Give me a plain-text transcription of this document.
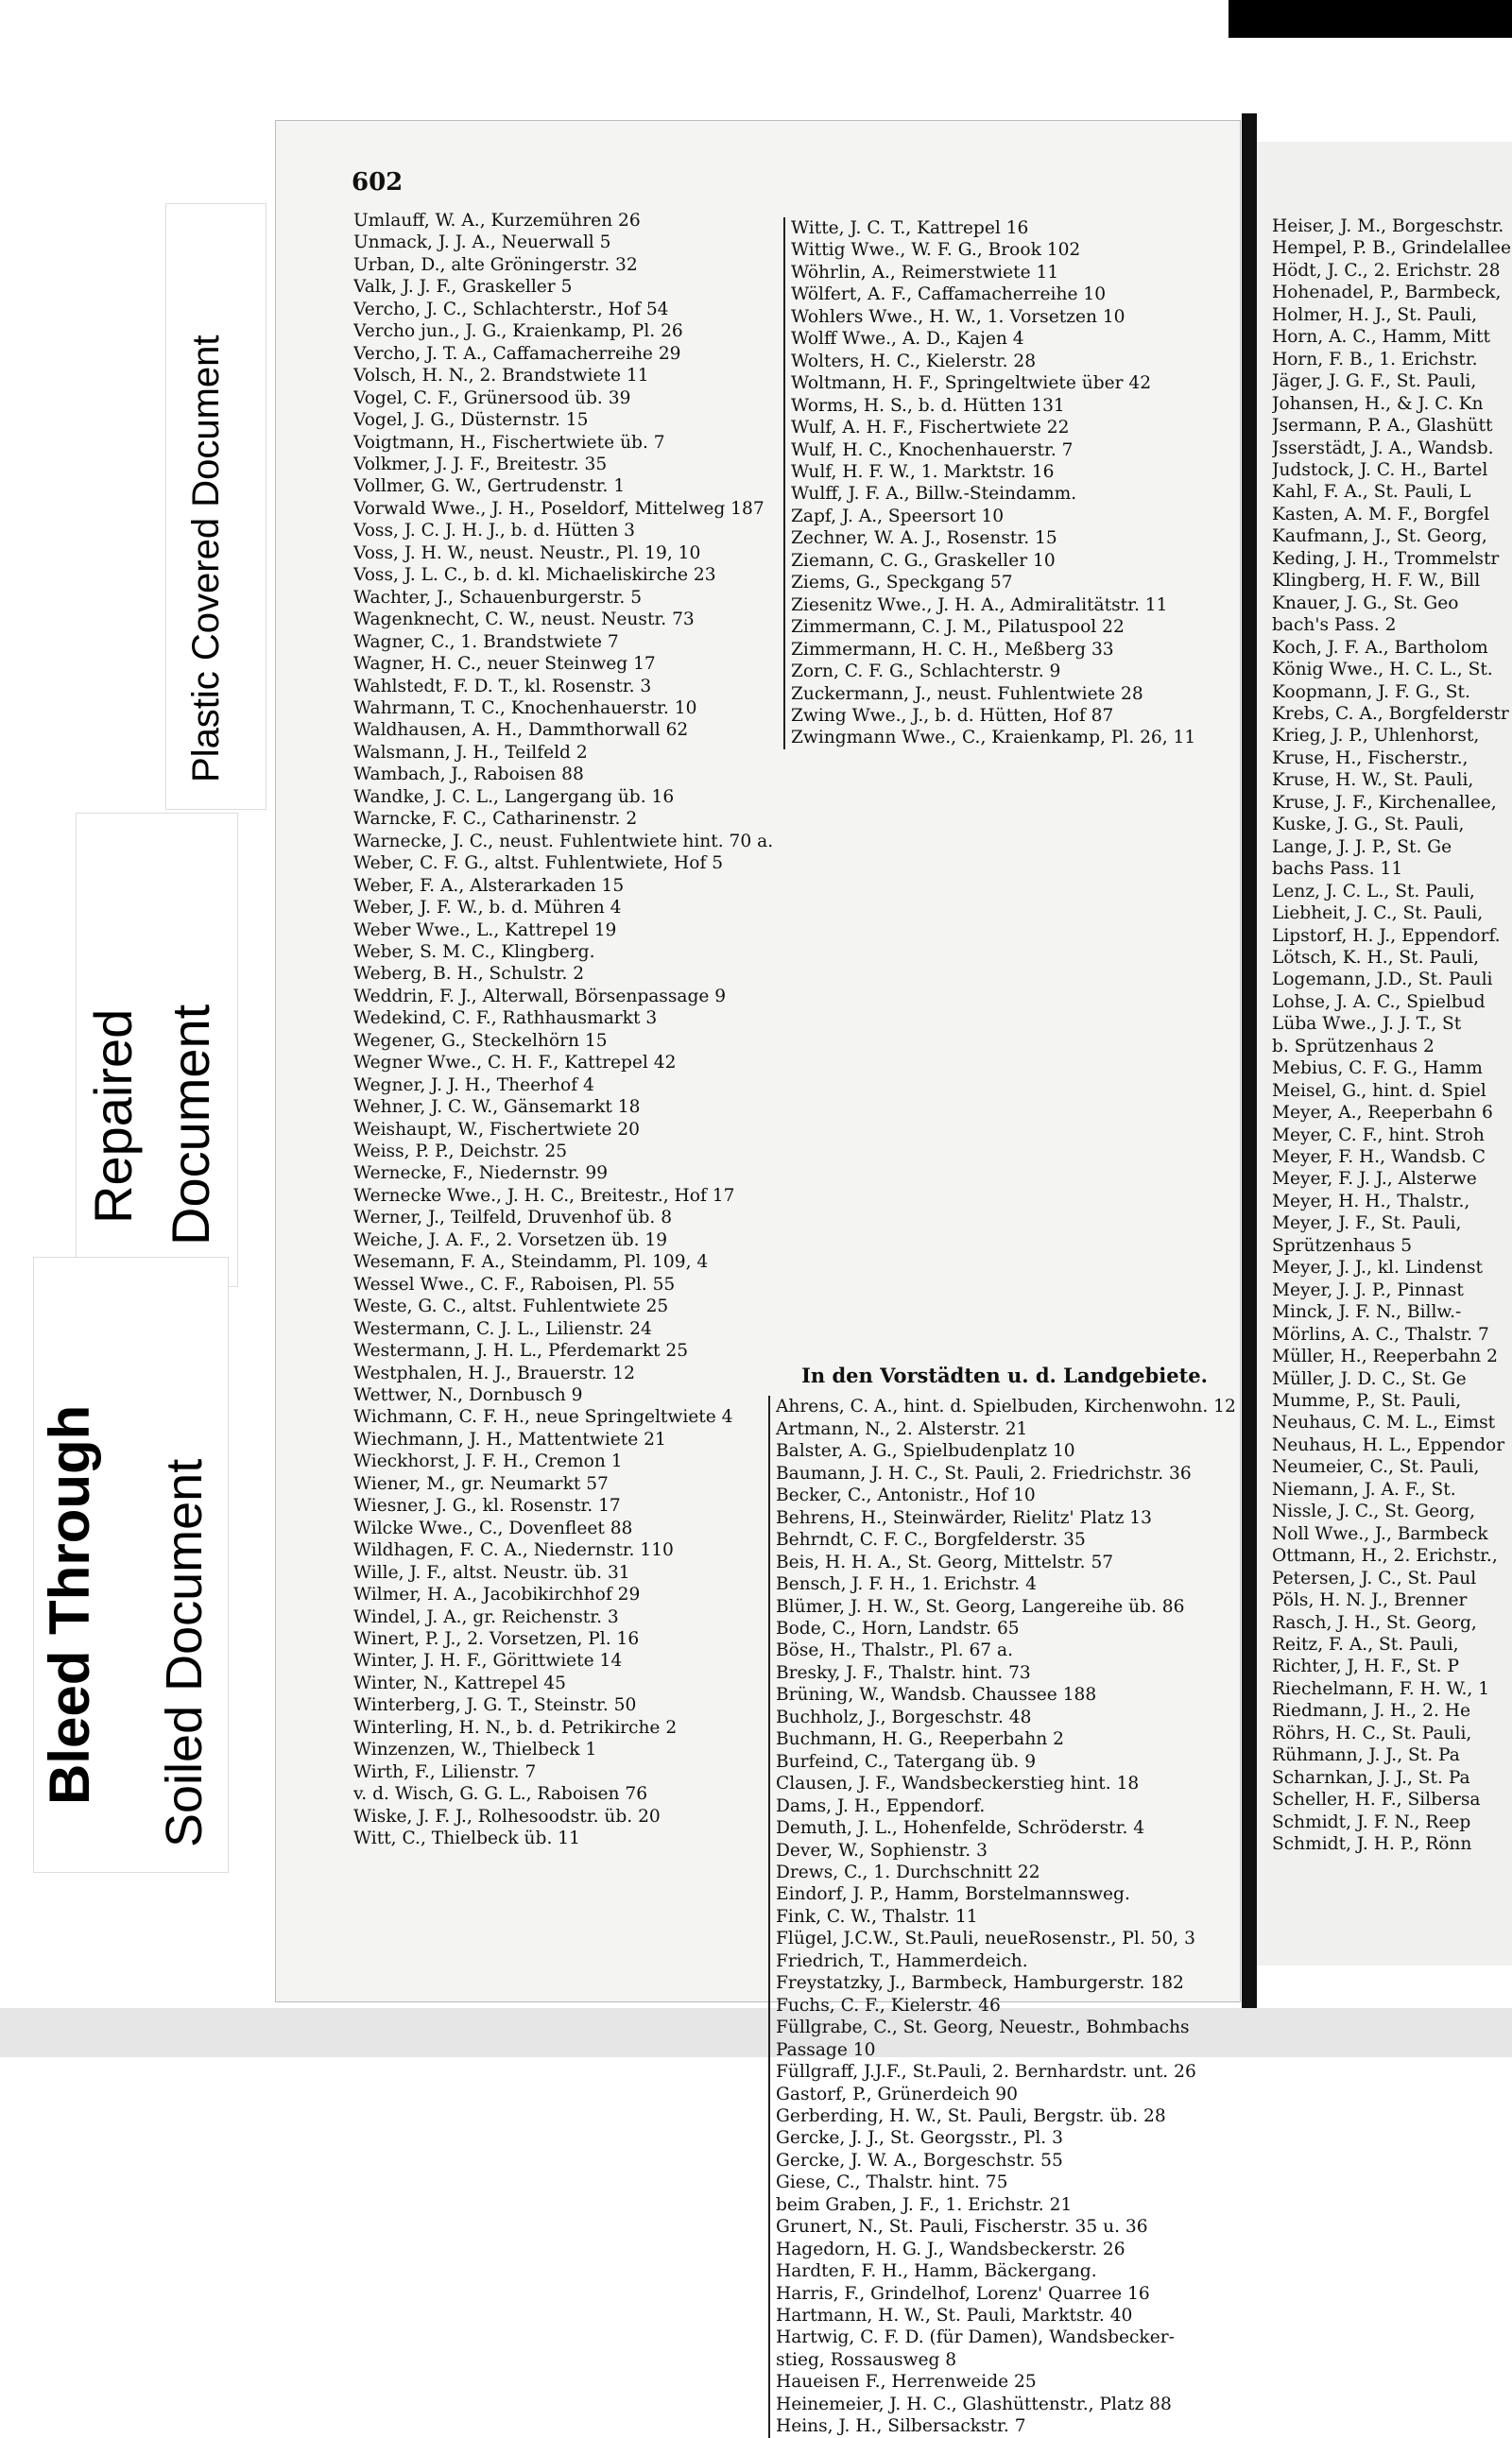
Plastic Covered Document
Repaired Document
Bleed Through Soiled Document
602
Umlauff, W. A., Kurzemühren 26
Unmack, J. J. A., Neuerwall 5
Urban, D., alte Gröningerstr. 32
Valk, J. J. F., Graskeller 5
Vercho, J. C., Schlachterstr., Hof 54
Vercho jun., J. G., Kraienkamp, Pl. 26
Vercho, J. T. A., Caffamacherreihe 29
Volsch, H. N., 2. Brandstwiete 11
Vogel, C. F., Grünersood üb. 39
Vogel, J. G., Düsternstr. 15
Voigtmann, H., Fischertwiete üb. 7
Volkmer, J. J. F., Breitestr. 35
Vollmer, G. W., Gertrudenstr. 1
Vorwald Wwe., J. H., Poseldorf, Mittelweg 187
Voss, J. C. J. H. J., b. d. Hütten 3
Voss, J. H. W., neust. Neustr., Pl. 19, 10
Voss, J. L. C., b. d. kl. Michaeliskirche 23
Wachter, J., Schauenburgerstr. 5
Wagenknecht, C. W., neust. Neustr. 73
Wagner, C., 1. Brandstwiete 7
Wagner, H. C., neuer Steinweg 17
Wahlstedt, F. D. T., kl. Rosenstr. 3
Wahrmann, T. C., Knochenhauerstr. 10
Waldhausen, A. H., Dammthorwall 62
Walsmann, J. H., Teilfeld 2
Wambach, J., Raboisen 88
Wandke, J. C. L., Langergang üb. 16
Warncke, F. C., Catharinenstr. 2
Warnecke, J. C., neust. Fuhlentwiete hint. 70 a.
Weber, C. F. G., altst. Fuhlentwiete, Hof 5
Weber, F. A., Alsterarkaden 15
Weber, J. F. W., b. d. Mühren 4
Weber Wwe., L., Kattrepel 19
Weber, S. M. C., Klingberg.
Weberg, B. H., Schulstr. 2
Weddrin, F. J., Alterwall, Börsenpassage 9
Wedekind, C. F., Rathhausmarkt 3
Wegener, G., Steckelhörn 15
Wegner Wwe., C. H. F., Kattrepel 42
Wegner, J. J. H., Theerhof 4
Wehner, J. C. W., Gänsemarkt 18
Weishaupt, W., Fischertwiete 20
Weiss, P. P., Deichstr. 25
Wernecke, F., Niedernstr. 99
Wernecke Wwe., J. H. C., Breitestr., Hof 17
Werner, J., Teilfeld, Druvenhof üb. 8
Weiche, J. A. F., 2. Vorsetzen üb. 19
Wesemann, F. A., Steindamm, Pl. 109, 4
Wessel Wwe., C. F., Raboisen, Pl. 55
Weste, G. C., altst. Fuhlentwiete 25
Westermann, C. J. L., Lilienstr. 24
Westermann, J. H. L., Pferdemarkt 25
Westphalen, H. J., Brauerstr. 12
Wettwer, N., Dornbusch 9
Wichmann, C. F. H., neue Springeltwiete 4
Wiechmann, J. H., Mattentwiete 21
Wieckhorst, J. F. H., Cremon 1
Wiener, M., gr. Neumarkt 57
Wiesner, J. G., kl. Rosenstr. 17
Wilcke Wwe., C., Dovenfleet 88
Wildhagen, F. C. A., Niedernstr. 110
Wille, J. F., altst. Neustr. üb. 31
Wilmer, H. A., Jacobikirchhof 29
Windel, J. A., gr. Reichenstr. 3
Winert, P. J., 2. Vorsetzen, Pl. 16
Winter, J. H. F., Görittwiete 14
Winter, N., Kattrepel 45
Winterberg, J. G. T., Steinstr. 50
Winterling, H. N., b. d. Petrikirche 2
Winzenzen, W., Thielbeck 1
Wirth, F., Lilienstr. 7
v. d. Wisch, G. G. L., Raboisen 76
Wiske, J. F. J., Rolhesoodstr. üb. 20
Witt, C., Thielbeck üb. 11
Witte, J. C. T., Kattrepel 16
Wittig Wwe., W. F. G., Brook 102
Wöhrlin, A., Reimerstwiete 11
Wölfert, A. F., Caffamacherreihe 10
Wohlers Wwe., H. W., 1. Vorsetzen 10
Wolff Wwe., A. D., Kajen 4
Wolters, H. C., Kielerstr. 28
Woltmann, H. F., Springeltwiete über 42
Worms, H. S., b. d. Hütten 131
Wulf, A. H. F., Fischertwiete 22
Wulf, H. C., Knochenhauerstr. 7
Wulf, H. F. W., 1. Marktstr. 16
Wulff, J. F. A., Billw.-Steindamm.
Zapf, J. A., Speersort 10
Zechner, W. A. J., Rosenstr. 15
Ziemann, C. G., Graskeller 10
Ziems, G., Speckgang 57
Ziesenitz Wwe., J. H. A., Admiralitätstr. 11
Zimmermann, C. J. M., Pilatuspool 22
Zimmermann, H. C. H., Meßberg 33
Zorn, C. F. G., Schlachterstr. 9
Zuckermann, J., neust. Fuhlentwiete 28
Zwing Wwe., J., b. d. Hütten, Hof 87
Zwingmann Wwe., C., Kraienkamp, Pl. 26, 11
In den Vorstädten u. d. Landgebiete.
Ahrens, C. A., hint. d. Spielbuden, Kirchenwohn. 12
Artmann, N., 2. Alsterstr. 21
Balster, A. G., Spielbudenplatz 10
Baumann, J. H. C., St. Pauli, 2. Friedrichstr. 36
Becker, C., Antonistr., Hof 10
Behrens, H., Steinwärder, Rielitz' Platz 13
Behrndt, C. F. C., Borgfelderstr. 35
Beis, H. H. A., St. Georg, Mittelstr. 57
Bensch, J. F. H., 1. Erichstr. 4
Blümer, J. H. W., St. Georg, Langereihe üb. 86
Bode, C., Horn, Landstr. 65
Böse, H., Thalstr., Pl. 67 a.
Bresky, J. F., Thalstr. hint. 73
Brüning, W., Wandsb. Chaussee 188
Buchholz, J., Borgeschstr. 48
Buchmann, H. G., Reeperbahn 2
Burfeind, C., Tatergang üb. 9
Clausen, J. F., Wandsbeckerstieg hint. 18
Dams, J. H., Eppendorf.
Demuth, J. L., Hohenfelde, Schröderstr. 4
Dever, W., Sophienstr. 3
Drews, C., 1. Durchschnitt 22
Eindorf, J. P., Hamm, Borstelmannsweg.
Fink, C. W., Thalstr. 11
Flügel, J.C.W., St.Pauli, neueRosenstr., Pl. 50, 3
Friedrich, T., Hammerdeich.
Freystatzky, J., Barmbeck, Hamburgerstr. 182
Fuchs, C. F., Kielerstr. 46
Füllgrabe, C., St. Georg, Neuestr., Bohmbachs
Passage 10
Füllgraff, J.J.F., St.Pauli, 2. Bernhardstr. unt. 26
Gastorf, P., Grünerdeich 90
Gerberding, H. W., St. Pauli, Bergstr. üb. 28
Gercke, J. J., St. Georgsstr., Pl. 3
Gercke, J. W. A., Borgeschstr. 55
Giese, C., Thalstr. hint. 75
beim Graben, J. F., 1. Erichstr. 21
Grunert, N., St. Pauli, Fischerstr. 35 u. 36
Hagedorn, H. G. J., Wandsbeckerstr. 26
Hardten, F. H., Hamm, Bäckergang.
Harris, F., Grindelhof, Lorenz' Quarree 16
Hartmann, H. W., St. Pauli, Marktstr. 40
Hartwig, C. F. D. (für Damen), Wandsbecker-
stieg, Rossausweg 8
Haueisen F., Herrenweide 25
Heinemeier, J. H. C., Glashüttenstr., Platz 88
Heins, J. H., Silbersackstr. 7
Heiser, J. M., Borgeschstr.
Hempel, P. B., Grindelallee
Hödt, J. C., 2. Erichstr. 28
Hohenadel, P., Barmbeck,
Holmer, H. J., St. Pauli,
Horn, A. C., Hamm, Mitt
Horn, F. B., 1. Erichstr.
Jäger, J. G. F., St. Pauli,
Johansen, H., & J. C. Kn
Jsermann, P. A., Glashütt
Jsserstädt, J. A., Wandsb.
Judstock, J. C. H., Bartel
Kahl, F. A., St. Pauli, L
Kasten, A. M. F., Borgfel
Kaufmann, J., St. Georg,
Keding, J. H., Trommelstr
Klingberg, H. F. W., Bill
Knauer, J. G., St. Geo
bach's Pass. 2
Koch, J. F. A., Bartholom
König Wwe., H. C. L., St.
Koopmann, J. F. G., St.
Krebs, C. A., Borgfelderstr
Krieg, J. P., Uhlenhorst,
Kruse, H., Fischerstr.,
Kruse, H. W., St. Pauli,
Kruse, J. F., Kirchenallee,
Kuske, J. G., St. Pauli,
Lange, J. J. P., St. Ge
bachs Pass. 11
Lenz, J. C. L., St. Pauli,
Liebheit, J. C., St. Pauli,
Lipstorf, H. J., Eppendorf.
Lötsch, K. H., St. Pauli,
Logemann, J.D., St. Pauli
Lohse, J. A. C., Spielbud
Lüba Wwe., J. J. T., St
b. Sprützenhaus 2
Mebius, C. F. G., Hamm
Meisel, G., hint. d. Spiel
Meyer, A., Reeperbahn 6
Meyer, C. F., hint. Stroh
Meyer, F. H., Wandsb. C
Meyer, F. J. J., Alsterwe
Meyer, H. H., Thalstr.,
Meyer, J. F., St. Pauli,
Sprützenhaus 5
Meyer, J. J., kl. Lindenst
Meyer, J. J. P., Pinnast
Minck, J. F. N., Billw.-
Mörlins, A. C., Thalstr. 7
Müller, H., Reeperbahn 2
Müller, J. D. C., St. Ge
Mumme, P., St. Pauli,
Neuhaus, C. M. L., Eimst
Neuhaus, H. L., Eppendor
Neumeier, C., St. Pauli,
Niemann, J. A. F., St.
Nissle, J. C., St. Georg,
Noll Wwe., J., Barmbeck
Ottmann, H., 2. Erichstr.,
Petersen, J. C., St. Paul
Pöls, H. N. J., Brenner
Rasch, J. H., St. Georg,
Reitz, F. A., St. Pauli,
Richter, J, H. F., St. P
Riechelmann, F. H. W., 1
Riedmann, J. H., 2. He
Röhrs, H. C., St. Pauli,
Rühmann, J. J., St. Pa
Scharnkan, J. J., St. Pa
Scheller, H. F., Silbersa
Schmidt, J. F. N., Reep
Schmidt, J. H. P., Rönn
